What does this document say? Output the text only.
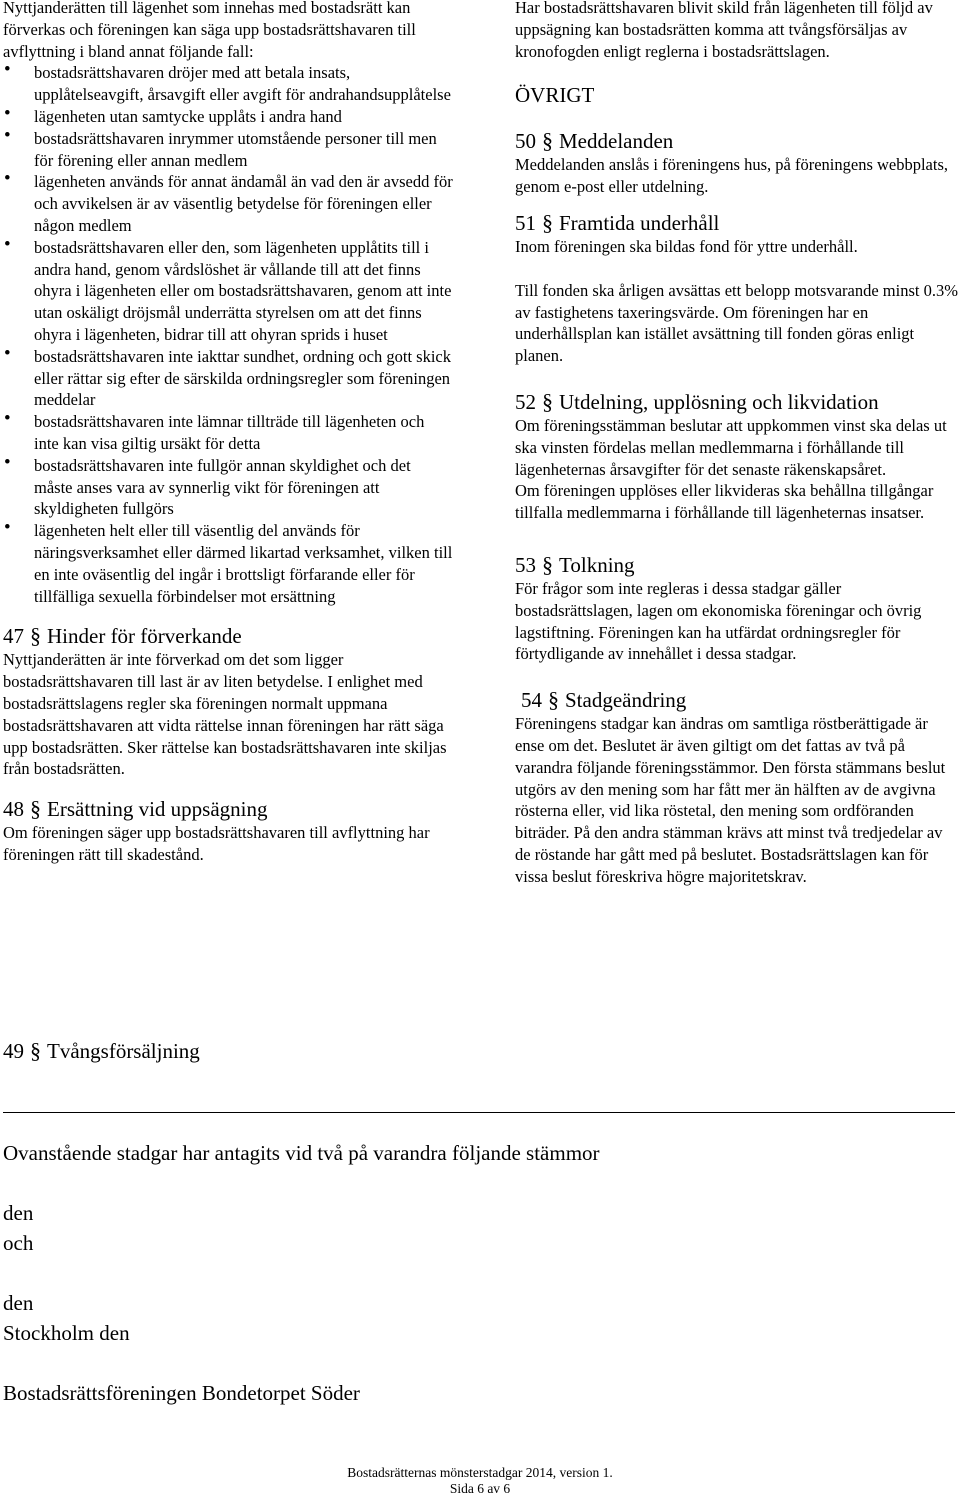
Nyttjanderätten till lägenhet som innehas med bostadsrätt kan förverkas och föreningen kan säga upp bostadsrättshavaren till avflyttning i bland annat följande fall:

• bostadsrättshavaren dröjer med att betala insats, upplåtelseavgift, årsavgift eller avgift för andrahandsupplåtelse
• lägenheten utan samtycke upplåts i andra hand
• bostadsrättshavaren inrymmer utomstående personer till men för förening eller annan medlem
• lägenheten används för annat ändamål än vad den är avsedd för och avvikelsen är av väsentlig betydelse för föreningen eller någon medlem
• bostadsrättshavaren eller den, som lägenheten upplåtits till i andra hand, genom vårdslöshet är vållande till att det finns ohyra i lägenheten eller om bostadsrättshavaren, genom att inte utan oskäligt dröjsmål underrätta styrelsen om att det finns ohyra i lägenheten, bidrar till att ohyran sprids i huset
• bostadsrättshavaren inte iakttar sundhet, ordning och gott skick eller rättar sig efter de särskilda ordningsregler som föreningen meddelar
• bostadsrättshavaren inte lämnar tillträde till lägenheten och inte kan visa giltig ursäkt för detta
• bostadsrättshavaren inte fullgör annan skyldighet och det måste anses vara av synnerlig vikt för föreningen att skyldigheten fullgörs
• lägenheten helt eller till väsentlig del används för näringsverksamhet eller därmed likartad verksamhet, vilken till en inte oväsentlig del ingår i brottsligt förfarande eller för tillfälliga sexuella förbindelser mot ersättning
47 § Hinder för förverkande

Nyttjanderätten är inte förverkad om det som ligger bostadsrättshavaren till last är av liten betydelse. I enlighet med bostadsrättslagens regler ska föreningen normalt uppmana bostadsrättshavaren att vidta rättelse innan föreningen har rätt säga upp bostadsrätten. Sker rättelse kan bostadsrättshavaren inte skiljas från bostadsrätten.

48 § Ersättning vid uppsägning

Om föreningen säger upp bostadsrättshavaren till avflyttning har föreningen rätt till skadestånd.

49 § Tvångsförsäljning

Har bostadsrättshavaren blivit skild från lägenheten till följd av uppsägning kan bostadsrätten komma att tvångsförsäljas av kronofogden enligt reglerna i bostadsrättslagen.

ÖVRIGT

50 § Meddelanden

Meddelanden anslås i föreningens hus, på föreningens webbplats, genom e-post eller utdelning.

51 § Framtida underhåll

Inom föreningen ska bildas fond för yttre underhåll.

Till fonden ska årligen avsättas ett belopp motsvarande minst 0.3% av fastighetens taxeringsvärde. Om föreningen har en underhållsplan kan istället avsättning till fonden göras enligt planen.

52 § Utdelning, upplösning och likvidation

Om föreningsstämman beslutar att uppkommen vinst ska delas ut ska vinsten fördelas mellan medlemmarna i förhållande till lägenheternas årsavgifter för det senaste räkenskapsåret.

Om föreningen upplöses eller likvideras ska behållna tillgångar tillfalla medlemmarna i förhållande till lägenheternas insatser.

53 § Tolkning

För frågor som inte regleras i dessa stadgar gäller bostadsrättslagen, lagen om ekonomiska föreningar och övrig lagstiftning. Föreningen kan ha utfärdat ordningsregler för förtydligande av innehållet i dessa stadgar.

54 § Stadgeändring

Föreningens stadgar kan ändras om samtliga röstberättigade är ense om det. Beslutet är även giltigt om det fattas av två på varandra följande föreningsstämmor. Den första stämmans beslut utgörs av den mening som har fått mer än hälften av de avgivna rösterna eller, vid lika röstetal, den mening som ordföranden biträder. På den andra stämman krävs att minst två tredjedelar av de röstande har gått med på beslutet. Bostadsrättslagen kan för vissa beslut föreskriva högre majoritetskrav.

Ovanstående stadgar har antagits vid två på varandra följande stämmor
den
och
den
Stockholm den
Bostadsrättsföreningen Bondetorpet Söder
Bostadsrätternas mönsterstadgar 2014, version 1.
Sida 6 av 6
